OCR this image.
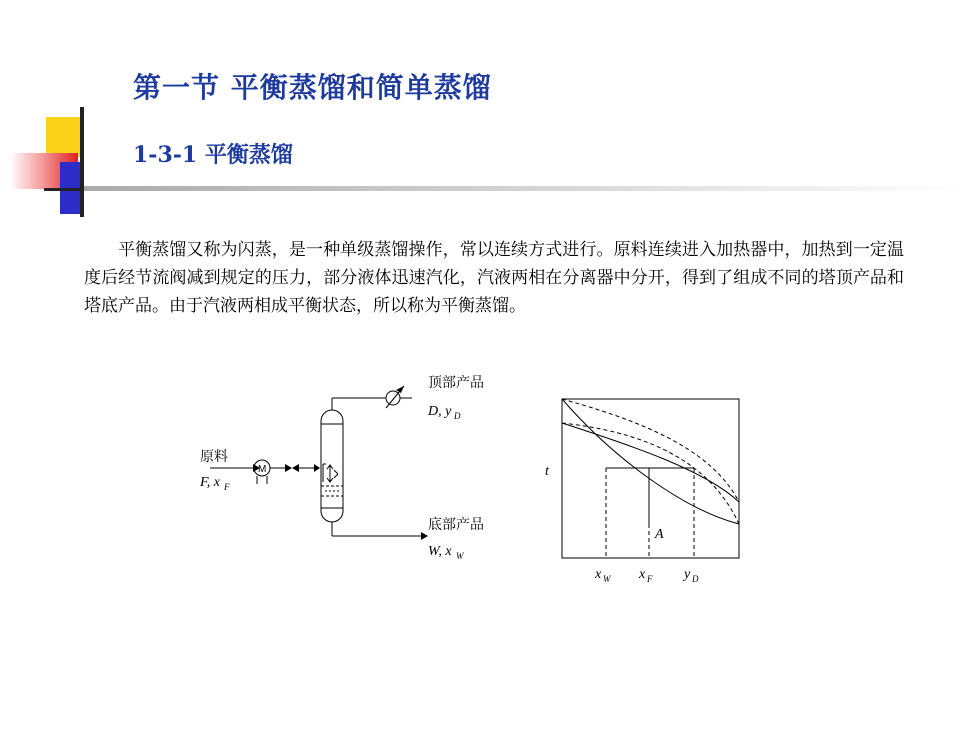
第一节 平衡蒸馏和简单蒸馏
1-3-1 平衡蒸馏

平衡蒸馏又称为闪蒸，是一种单级蒸馏操作，常以连续方式进行。原料连续进入加热器中，加热到一定温度后经节流阀减到规定的压力，部分液体迅速汽化，汽液两相在分离器中分开，得到了组成不同的塔顶产品和塔底产品。由于汽液两相成平衡状态，所以称为平衡蒸馏。

原料
F, x F
M
顶部产品
D, y D
底部产品
W, x W
t
A
x W x F y D
